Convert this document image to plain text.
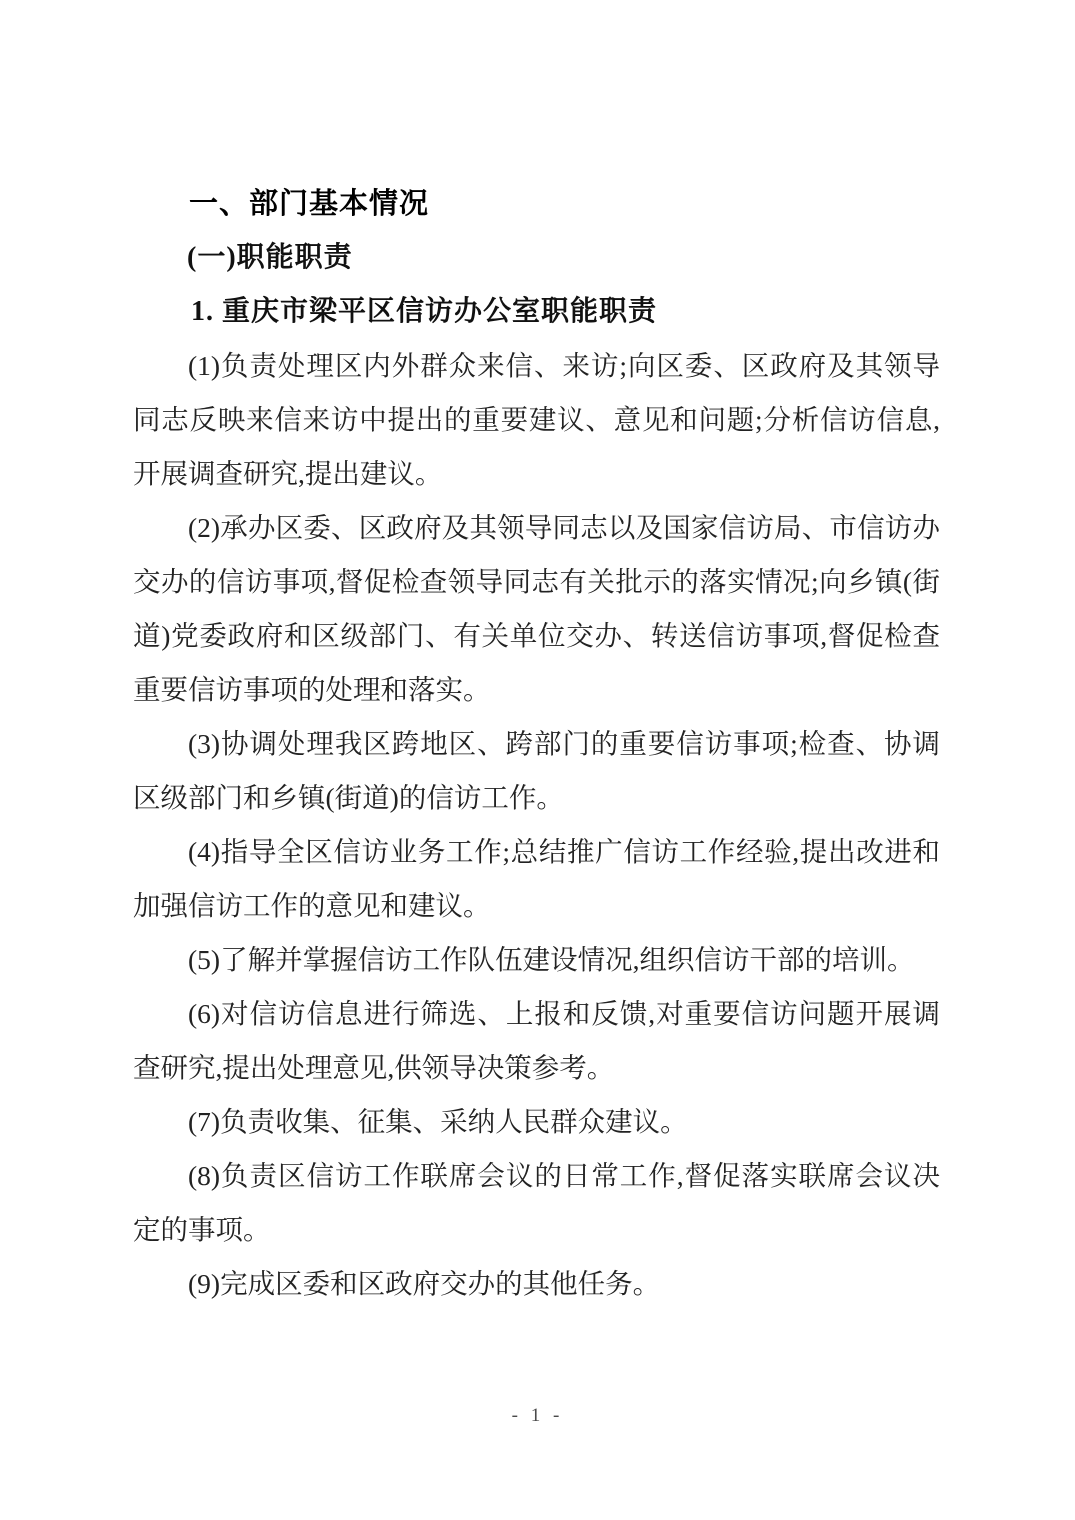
一、部门基本情况
(一)职能职责
1. 重庆市梁平区信访办公室职能职责

(1)负责处理区内外群众来信、来访;向区委、区政府及其领导同志反映来信来访中提出的重要建议、意见和问题;分析信访信息,开展调查研究,提出建议。

(2)承办区委、区政府及其领导同志以及国家信访局、市信访办交办的信访事项,督促检查领导同志有关批示的落实情况;向乡镇(街道)党委政府和区级部门、有关单位交办、转送信访事项,督促检查重要信访事项的处理和落实。

(3)协调处理我区跨地区、跨部门的重要信访事项;检查、协调区级部门和乡镇(街道)的信访工作。

(4)指导全区信访业务工作;总结推广信访工作经验,提出改进和加强信访工作的意见和建议。

(5)了解并掌握信访工作队伍建设情况,组织信访干部的培训。

(6)对信访信息进行筛选、上报和反馈,对重要信访问题开展调查研究,提出处理意见,供领导决策参考。

(7)负责收集、征集、采纳人民群众建议。

(8)负责区信访工作联席会议的日常工作,督促落实联席会议决定的事项。

(9)完成区委和区政府交办的其他任务。

- 1 -
